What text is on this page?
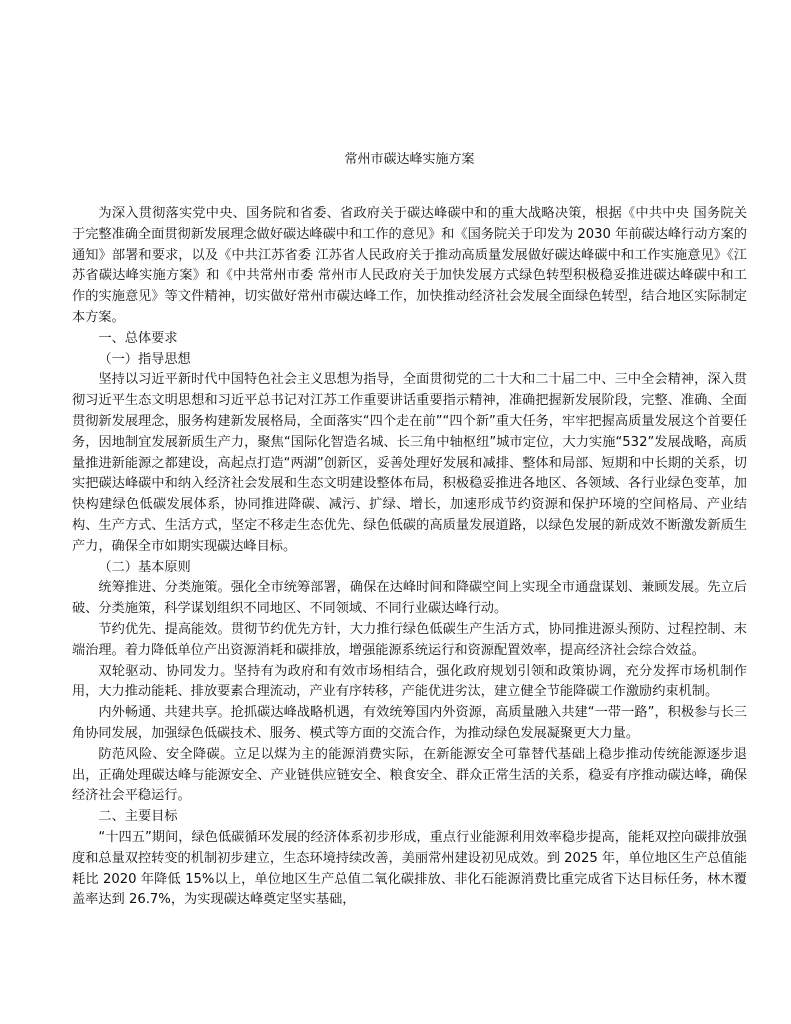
常州市碳达峰实施方案

为深入贯彻落实党中央、国务院和省委、省政府关于碳达峰碳中和的重大战略决策，根据《中共中央 国务院关于完整准确全面贯彻新发展理念做好碳达峰碳中和工作的意见》和《国务院关于印发为 2030 年前碳达峰行动方案的通知》部署和要求，以及《中共江苏省委 江苏省人民政府关于推动高质量发展做好碳达峰碳中和工作实施意见》《江苏省碳达峰实施方案》和《中共常州市委 常州市人民政府关于加快发展方式绿色转型积极稳妥推进碳达峰碳中和工作的实施意见》等文件精神，切实做好常州市碳达峰工作，加快推动经济社会发展全面绿色转型，结合地区实际制定本方案。

一、总体要求

（一）指导思想

坚持以习近平新时代中国特色社会主义思想为指导，全面贯彻党的二十大和二十届二中、三中全会精神，深入贯彻习近平生态文明思想和习近平总书记对江苏工作重要讲话重要指示精神，准确把握新发展阶段，完整、准确、全面贯彻新发展理念，服务构建新发展格局，全面落实“四个走在前”“四个新”重大任务，牢牢把握高质量发展这个首要任务，因地制宜发展新质生产力，聚焦“国际化智造名城、长三角中轴枢纽”城市定位，大力实施“532”发展战略，高质量推进新能源之都建设，高起点打造“两湖”创新区，妥善处理好发展和减排、整体和局部、短期和中长期的关系，切实把碳达峰碳中和纳入经济社会发展和生态文明建设整体布局，积极稳妥推进各地区、各领域、各行业绿色变革，加快构建绿色低碳发展体系，协同推进降碳、减污、扩绿、增长，加速形成节约资源和保护环境的空间格局、产业结构、生产方式、生活方式，坚定不移走生态优先、绿色低碳的高质量发展道路，以绿色发展的新成效不断激发新质生产力，确保全市如期实现碳达峰目标。

（二）基本原则

统筹推进、分类施策。强化全市统筹部署，确保在达峰时间和降碳空间上实现全市通盘谋划、兼顾发展。先立后破、分类施策，科学谋划组织不同地区、不同领域、不同行业碳达峰行动。

节约优先、提高能效。贯彻节约优先方针，大力推行绿色低碳生产生活方式，协同推进源头预防、过程控制、末端治理。着力降低单位产出资源消耗和碳排放，增强能源系统运行和资源配置效率，提高经济社会综合效益。

双轮驱动、协同发力。坚持有为政府和有效市场相结合，强化政府规划引领和政策协调，充分发挥市场机制作用，大力推动能耗、排放要素合理流动，产业有序转移，产能优进劣汰，建立健全节能降碳工作激励约束机制。

内外畅通、共建共享。抢抓碳达峰战略机遇，有效统筹国内外资源，高质量融入共建“一带一路”，积极参与长三角协同发展，加强绿色低碳技术、服务、模式等方面的交流合作，为推动绿色发展凝聚更大力量。

防范风险、安全降碳。立足以煤为主的能源消费实际，在新能源安全可靠替代基础上稳步推动传统能源逐步退出，正确处理碳达峰与能源安全、产业链供应链安全、粮食安全、群众正常生活的关系，稳妥有序推动碳达峰，确保经济社会平稳运行。

二、主要目标

“十四五”期间，绿色低碳循环发展的经济体系初步形成，重点行业能源利用效率稳步提高，能耗双控向碳排放强度和总量双控转变的机制初步建立，生态环境持续改善，美丽常州建设初见成效。到 2025 年，单位地区生产总值能耗比 2020 年降低 15%以上，单位地区生产总值二氧化碳排放、非化石能源消费比重完成省下达目标任务，林木覆盖率达到 26.7%，为实现碳达峰奠定坚实基础，
